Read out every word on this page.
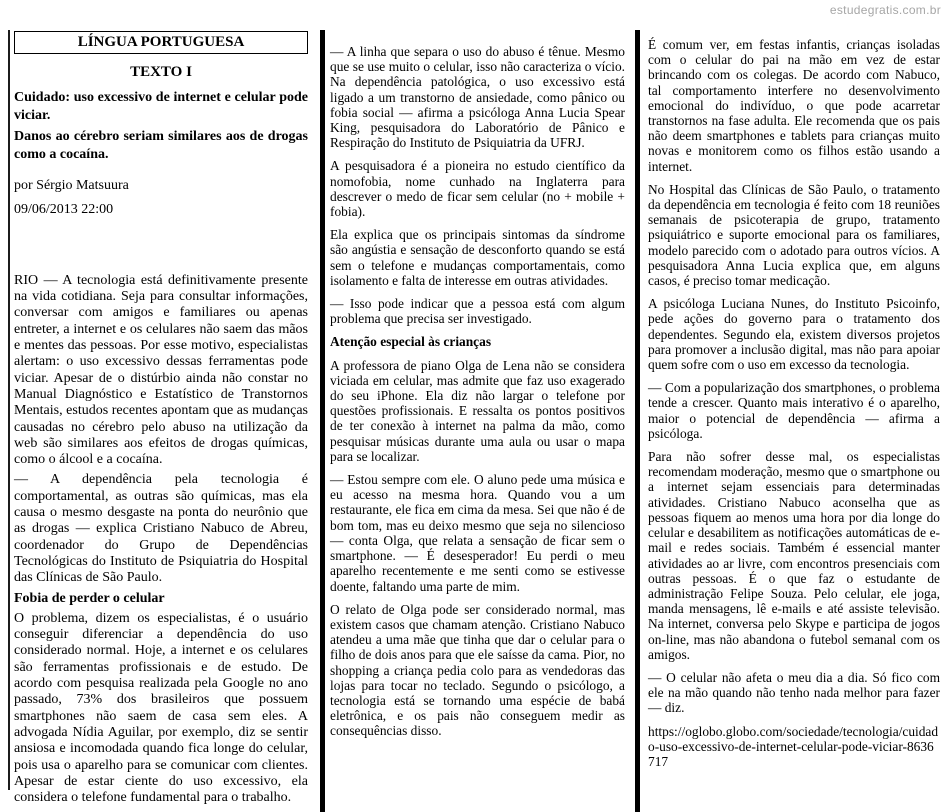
estudegratis.com.br
LÍNGUA PORTUGUESA
TEXTO I
Cuidado: uso excessivo de internet e celular pode viciar.
Danos ao cérebro seriam similares aos de drogas como a cocaína.
por Sérgio Matsuura
09/06/2013 22:00

RIO — A tecnologia está definitivamente presente na vida cotidiana. Seja para consultar informações, conversar com amigos e familiares ou apenas entreter, a internet e os celulares não saem das mãos e mentes das pessoas. Por esse motivo, especialistas alertam: o uso excessivo dessas ferramentas pode viciar. Apesar de o distúrbio ainda não constar no Manual Diagnóstico e Estatístico de Transtornos Mentais, estudos recentes apontam que as mudanças causadas no cérebro pelo abuso na utilização da web são similares aos efeitos de drogas químicas, como o álcool e a cocaína.

— A dependência pela tecnologia é comportamental, as outras são químicas, mas ela causa o mesmo desgaste na ponta do neurônio que as drogas — explica Cristiano Nabuco de Abreu, coordenador do Grupo de Dependências Tecnológicas do Instituto de Psiquiatria do Hospital das Clínicas de São Paulo.

Fobia de perder o celular

O problema, dizem os especialistas, é o usuário conseguir diferenciar a dependência do uso considerado normal. Hoje, a internet e os celulares são ferramentas profissionais e de estudo. De acordo com pesquisa realizada pela Google no ano passado, 73% dos brasileiros que possuem smartphones não saem de casa sem eles. A advogada Nídia Aguilar, por exemplo, diz se sentir ansiosa e incomodada quando fica longe do celular, pois usa o aparelho para se comunicar com clientes. Apesar de estar ciente do uso excessivo, ela considera o telefone fundamental para o trabalho.

— A linha que separa o uso do abuso é tênue. Mesmo que se use muito o celular, isso não caracteriza o vício. Na dependência patológica, o uso excessivo está ligado a um transtorno de ansiedade, como pânico ou fobia social — afirma a psicóloga Anna Lucia Spear King, pesquisadora do Laboratório de Pânico e Respiração do Instituto de Psiquiatria da UFRJ.

A pesquisadora é a pioneira no estudo científico da nomofobia, nome cunhado na Inglaterra para descrever o medo de ficar sem celular (no + mobile + fobia).

Ela explica que os principais sintomas da síndrome são angústia e sensação de desconforto quando se está sem o telefone e mudanças comportamentais, como isolamento e falta de interesse em outras atividades.

— Isso pode indicar que a pessoa está com algum problema que precisa ser investigado.

Atenção especial às crianças

A professora de piano Olga de Lena não se considera viciada em celular, mas admite que faz uso exagerado do seu iPhone. Ela diz não largar o telefone por questões profissionais. E ressalta os pontos positivos de ter conexão à internet na palma da mão, como pesquisar músicas durante uma aula ou usar o mapa para se localizar.

— Estou sempre com ele. O aluno pede uma música e eu acesso na mesma hora. Quando vou a um restaurante, ele fica em cima da mesa. Sei que não é de bom tom, mas eu deixo mesmo que seja no silencioso — conta Olga, que relata a sensação de ficar sem o smartphone. — É desesperador! Eu perdi o meu aparelho recentemente e me senti como se estivesse doente, faltando uma parte de mim.

O relato de Olga pode ser considerado normal, mas existem casos que chamam atenção. Cristiano Nabuco atendeu a uma mãe que tinha que dar o celular para o filho de dois anos para que ele saísse da cama. Pior, no shopping a criança pedia colo para as vendedoras das lojas para tocar no teclado. Segundo o psicólogo, a tecnologia está se tornando uma espécie de babá eletrônica, e os pais não conseguem medir as consequências disso.

É comum ver, em festas infantis, crianças isoladas com o celular do pai na mão em vez de estar brincando com os colegas. De acordo com Nabuco, tal comportamento interfere no desenvolvimento emocional do indivíduo, o que pode acarretar transtornos na fase adulta. Ele recomenda que os pais não deem smartphones e tablets para crianças muito novas e monitorem como os filhos estão usando a internet.

No Hospital das Clínicas de São Paulo, o tratamento da dependência em tecnologia é feito com 18 reuniões semanais de psicoterapia de grupo, tratamento psiquiátrico e suporte emocional para os familiares, modelo parecido com o adotado para outros vícios. A pesquisadora Anna Lucia explica que, em alguns casos, é preciso tomar medicação.

A psicóloga Luciana Nunes, do Instituto Psicoinfo, pede ações do governo para o tratamento dos dependentes. Segundo ela, existem diversos projetos para promover a inclusão digital, mas não para apoiar quem sofre com o uso em excesso da tecnologia.

— Com a popularização dos smartphones, o problema tende a crescer. Quanto mais interativo é o aparelho, maior o potencial de dependência — afirma a psicóloga.

Para não sofrer desse mal, os especialistas recomendam moderação, mesmo que o smartphone ou a internet sejam essenciais para determinadas atividades. Cristiano Nabuco aconselha que as pessoas fiquem ao menos uma hora por dia longe do celular e desabilitem as notificações automáticas de e-mail e redes sociais. Também é essencial manter atividades ao ar livre, com encontros presenciais com outras pessoas. É o que faz o estudante de administração Felipe Souza. Pelo celular, ele joga, manda mensagens, lê e-mails e até assiste televisão. Na internet, conversa pelo Skype e participa de jogos on-line, mas não abandona o futebol semanal com os amigos.

— O celular não afeta o meu dia a dia. Só fico com ele na mão quando não tenho nada melhor para fazer — diz.

https://oglobo.globo.com/sociedade/tecnologia/cuidado-uso-excessivo-de-internet-celular-pode-viciar-8636717
